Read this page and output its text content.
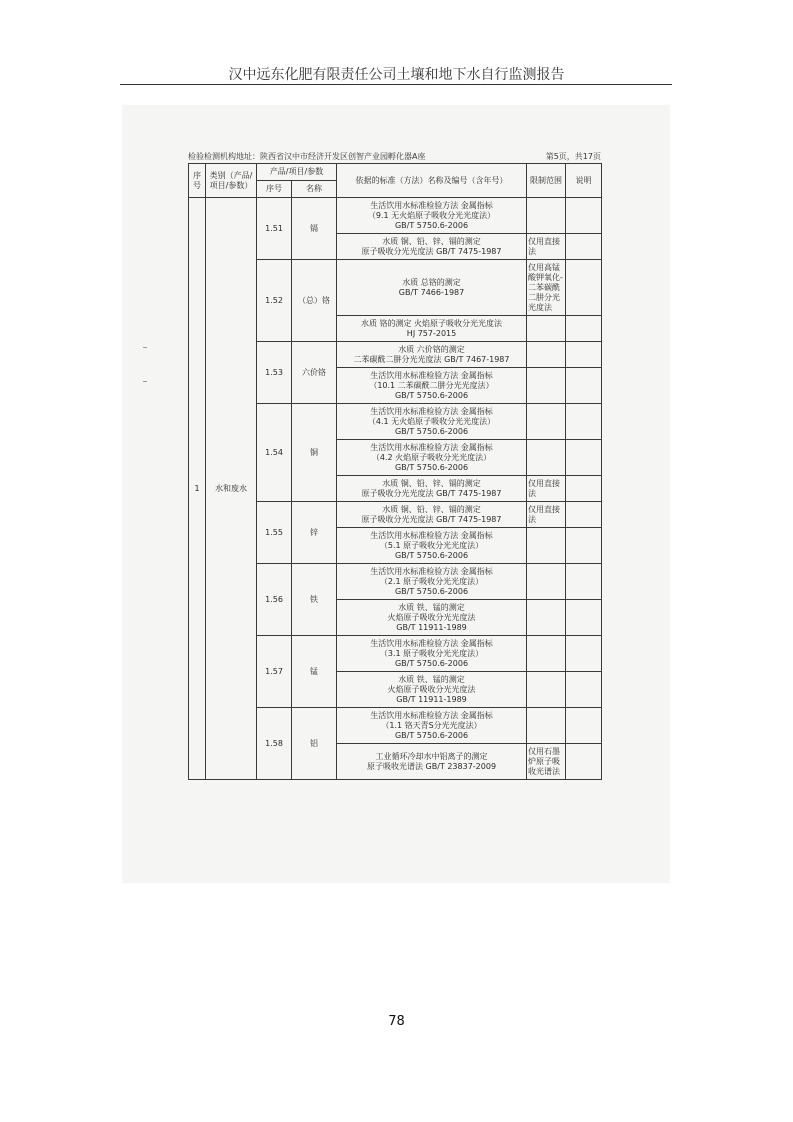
汉中远东化肥有限责任公司土壤和地下水自行监测报告
检验检测机构地址：陕西省汉中市经济开发区创智产业园孵化器A座	第5页，共17页
序号	类别（产品/项目/参数）	产品/项目/参数		依据的标准（方法）名称及编号（含年号）	限制范围	说明
		序号	名称			
1	水和废水	1.51	镉	生活饮用水标准检验方法 金属指标
（9.1 无火焰原子吸收分光光度法）
GB/T 5750.6-2006		
				水质 铜、铅、锌、镉的测定
原子吸收分光光度法 GB/T 7475-1987	仅用直接法	
		1.52	（总）铬	水质 总铬的测定
GB/T 7466-1987	仅用高锰酸钾氧化-二苯碳酰二肼分光光度法	
				水质 铬的测定 火焰原子吸收分光光度法
HJ 757-2015		
		1.53	六价铬	水质 六价铬的测定
二苯碳酰二肼分光光度法 GB/T 7467-1987		
				生活饮用水标准检验方法 金属指标
（10.1 二苯碳酰二肼分光光度法）
GB/T 5750.6-2006		
		1.54	铜	生活饮用水标准检验方法 金属指标
（4.1 无火焰原子吸收分光光度法）
GB/T 5750.6-2006		
				生活饮用水标准检验方法 金属指标
（4.2 火焰原子吸收分光光度法）
GB/T 5750.6-2006		
				水质 铜、铅、锌、镉的测定
原子吸收分光光度法 GB/T 7475-1987	仅用直接法	
		1.55	锌	水质 铜、铅、锌、镉的测定
原子吸收分光光度法 GB/T 7475-1987	仅用直接法	
				生活饮用水标准检验方法 金属指标
（5.1 原子吸收分光光度法）
GB/T 5750.6-2006		
		1.56	铁	生活饮用水标准检验方法 金属指标
（2.1 原子吸收分光光度法）
GB/T 5750.6-2006		
				水质 铁、锰的测定
火焰原子吸收分光光度法
GB/T 11911-1989		
		1.57	锰	生活饮用水标准检验方法 金属指标
（3.1 原子吸收分光光度法）
GB/T 5750.6-2006		
				水质 铁、锰的测定
火焰原子吸收分光光度法
GB/T 11911-1989		
		1.58	铝	生活饮用水标准检验方法 金属指标
（1.1 铬天青S分光光度法）
GB/T 5750.6-2006		
				工业循环冷却水中铝离子的测定
原子吸收光谱法 GB/T 23837-2009	仅用石墨炉原子吸收光谱法	
78
